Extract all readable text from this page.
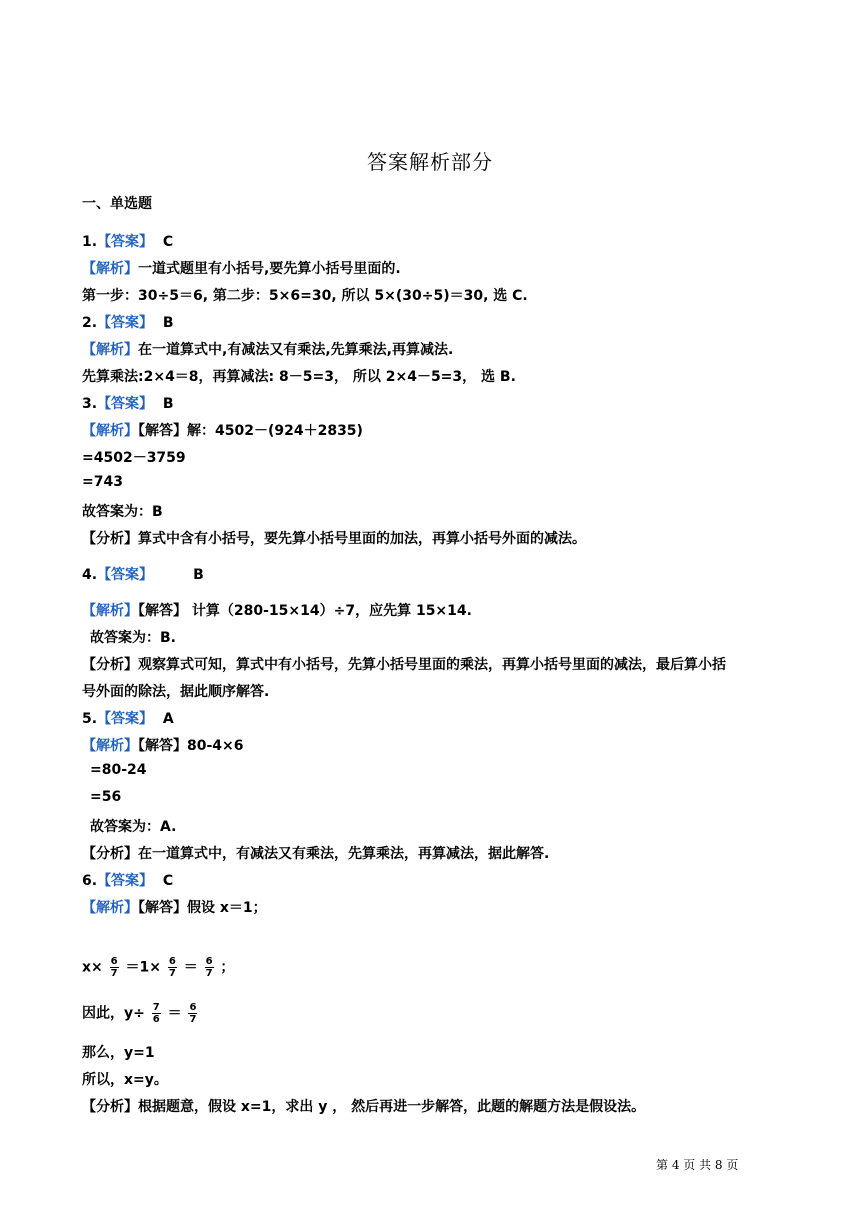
答案解析部分
一、单选题
1.【答案】 C
【解析】一道式题里有小括号,要先算小括号里面的.
第一步：30÷5＝6, 第二步：5×6=30, 所以 5×(30÷5)＝30, 选 C.
2.【答案】 B
【解析】在一道算式中,有减法又有乘法,先算乘法,再算减法.
先算乘法:2×4＝8，再算减法: 8－5=3， 所以 2×4－5=3， 选 B.
3.【答案】 B
【解析】【解答】解：4502－(924＋2835)
=4502－3759
=743
故答案为：B
【分析】算式中含有小括号，要先算小括号里面的加法，再算小括号外面的减法。
4.【答案】	B
【解析】【解答】 计算（280-15×14）÷7，应先算 15×14.
故答案为：B.
【分析】观察算式可知，算式中有小括号，先算小括号里面的乘法，再算小括号里面的减法，最后算小括
号外面的除法，据此顺序解答.
5.【答案】 A
【解析】【解答】80-4×6
=80-24
=56
故答案为：A.
【分析】在一道算式中，有减法又有乘法，先算乘法，再算减法，据此解答.
6.【答案】 C
【解析】【解答】假设 x＝1；
$x\times \frac{6}{7} =1\times \frac{6}{7} = \frac{6}{7}$ ；
因此，$y\div \frac{7}{6} = \frac{6}{7}$
那么，y=1
所以，x=y。
【分析】根据题意，假设 x=1，求出 y ， 然后再进一步解答，此题的解题方法是假设法。
第 4 页 共 8 页
